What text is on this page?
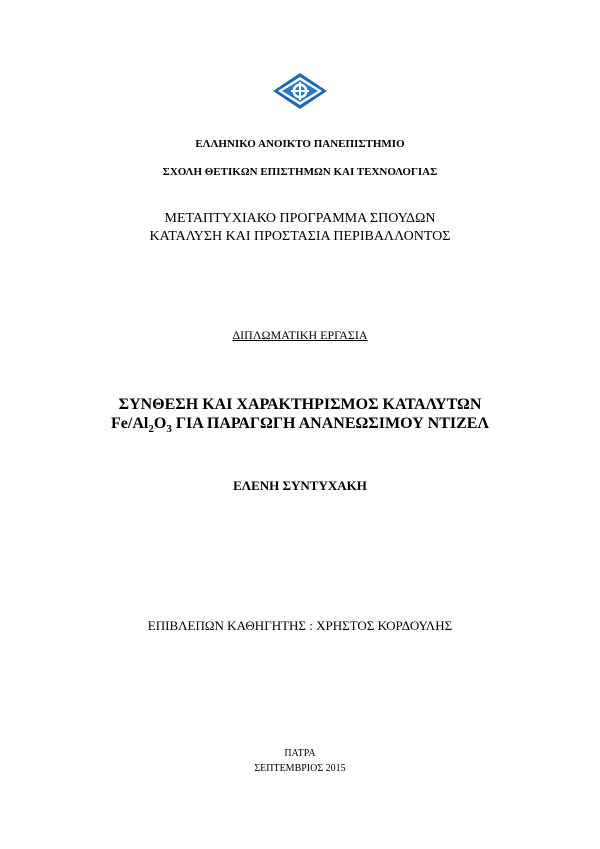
ΕΛΛΗΝΙΚΟ ΑΝΟΙΚΤΟ ΠΑΝΕΠΙΣΤΗΜΙΟ
ΣΧΟΛΗ ΘΕΤΙΚΩΝ ΕΠΙΣΤΗΜΩΝ ΚΑΙ ΤΕΧΝΟΛΟΓΙΑΣ
ΜΕΤΑΠΤΥΧΙΑΚΟ ΠΡΟΓΡΑΜΜΑ ΣΠΟΥΔΩΝ
ΚΑΤΑΛΥΣΗ ΚΑΙ ΠΡΟΣΤΑΣΙΑ ΠΕΡΙΒΑΛΛΟΝΤΟΣ
ΔΙΠΛΩΜΑΤΙΚΗ ΕΡΓΑΣΙΑ
ΣΥΝΘΕΣΗ ΚΑΙ ΧΑΡΑΚΤΗΡΙΣΜΟΣ ΚΑΤΑΛΥΤΩΝ
$Fe/Al_2O_3$ ΓΙΑ ΠΑΡΑΓΩΓΗ ΑΝΑΝΕΩΣΙΜΟΥ ΝΤΙΖΕΛ
ΕΛΕΝΗ ΣΥΝΤΥΧΑΚΗ
ΕΠΙΒΛΕΠΩΝ ΚΑΘΗΓΗΤΗΣ : ΧΡΗΣΤΟΣ ΚΟΡΔΟΥΛΗΣ
ΠΑΤΡΑ
ΣΕΠΤΕΜΒΡΙΟΣ 2015
